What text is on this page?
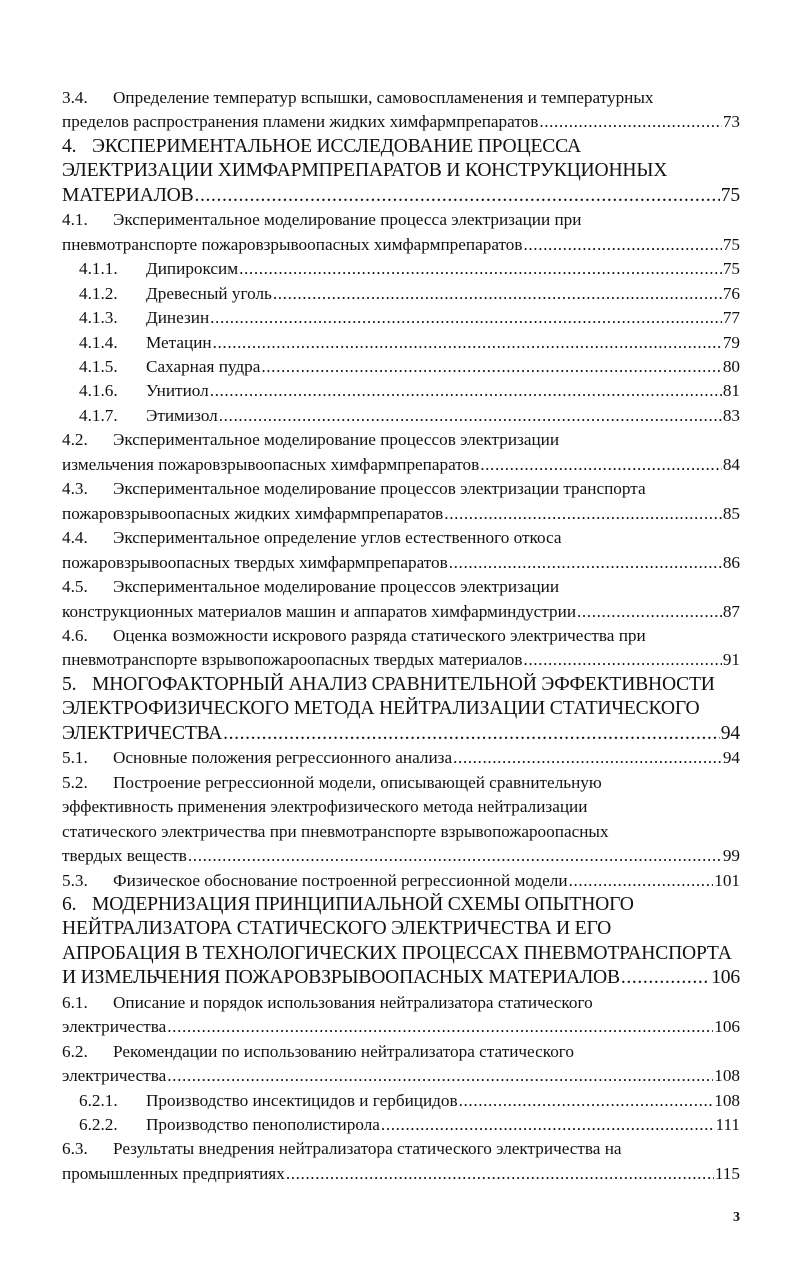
3.4. Определение температур вспышки, самовоспламенения и температурных
пределов распространения пламени жидких химфармпрепаратов .....	73
4. ЭКСПЕРИМЕНТАЛЬНОЕ ИССЛЕДОВАНИЕ ПРОЦЕССА
ЭЛЕКТРИЗАЦИИ ХИМФАРМПРЕПАРАТОВ И КОНСТРУКЦИОННЫХ
МАТЕРИАЛОВ .....	75
4.1. Экспериментальное моделирование процесса электризации при
пневмотранспорте пожаровзрывоопасных химфармпрепаратов .....	75
4.1.1. Дипироксим .....	75
4.1.2. Древесный уголь .....	76
4.1.3. Динезин .....	77
4.1.4. Метацин .....	79
4.1.5. Сахарная пудра .....	80
4.1.6. Унитиол .....	81
4.1.7. Этимизол .....	83
4.2. Экспериментальное моделирование процессов электризации
измельчения пожаровзрывоопасных химфармпрепаратов .....	84
4.3. Экспериментальное моделирование процессов электризации транспорта
пожаровзрывоопасных жидких химфармпрепаратов .....	85
4.4. Экспериментальное определение углов естественного откоса
пожаровзрывоопасных твердых химфармпрепаратов .....	86
4.5. Экспериментальное моделирование процессов электризации
конструкционных материалов машин и аппаратов химфарминдустрии .....	87
4.6. Оценка возможности искрового разряда статического электричества при
пневмотранспорте взрывопожароопасных твердых материалов .....	91
5. МНОГОФАКТОРНЫЙ АНАЛИЗ СРАВНИТЕЛЬНОЙ ЭФФЕКТИВНОСТИ
ЭЛЕКТРОФИЗИЧЕСКОГО МЕТОДА НЕЙТРАЛИЗАЦИИ СТАТИЧЕСКОГО
ЭЛЕКТРИЧЕСТВА .....	94
5.1. Основные положения регрессионного анализа .....	94
5.2. Построение регрессионной модели, описывающей сравнительную
эффективность применения электрофизического метода нейтрализации
статического электричества при пневмотранспорте взрывопожароопасных
твердых веществ .....	99
5.3. Физическое обоснование построенной регрессионной модели .....	101
6. МОДЕРНИЗАЦИЯ ПРИНЦИПИАЛЬНОЙ СХЕМЫ ОПЫТНОГО
НЕЙТРАЛИЗАТОРА СТАТИЧЕСКОГО ЭЛЕКТРИЧЕСТВА И ЕГО
АПРОБАЦИЯ В ТЕХНОЛОГИЧЕСКИХ ПРОЦЕССАХ ПНЕВМОТРАНСПОРТА
И ИЗМЕЛЬЧЕНИЯ ПОЖАРОВЗРЫВООПАСНЫХ МАТЕРИАЛОВ .....	106
6.1. Описание и порядок использования нейтрализатора статического
электричества .....	106
6.2. Рекомендации по использованию нейтрализатора статического
электричества .....	108
6.2.1. Производство инсектицидов и гербицидов .....	108
6.2.2. Производство пенополистирола .....	111
6.3. Результаты внедрения нейтрализатора статического электричества на
промышленных предприятиях .....	115
3
